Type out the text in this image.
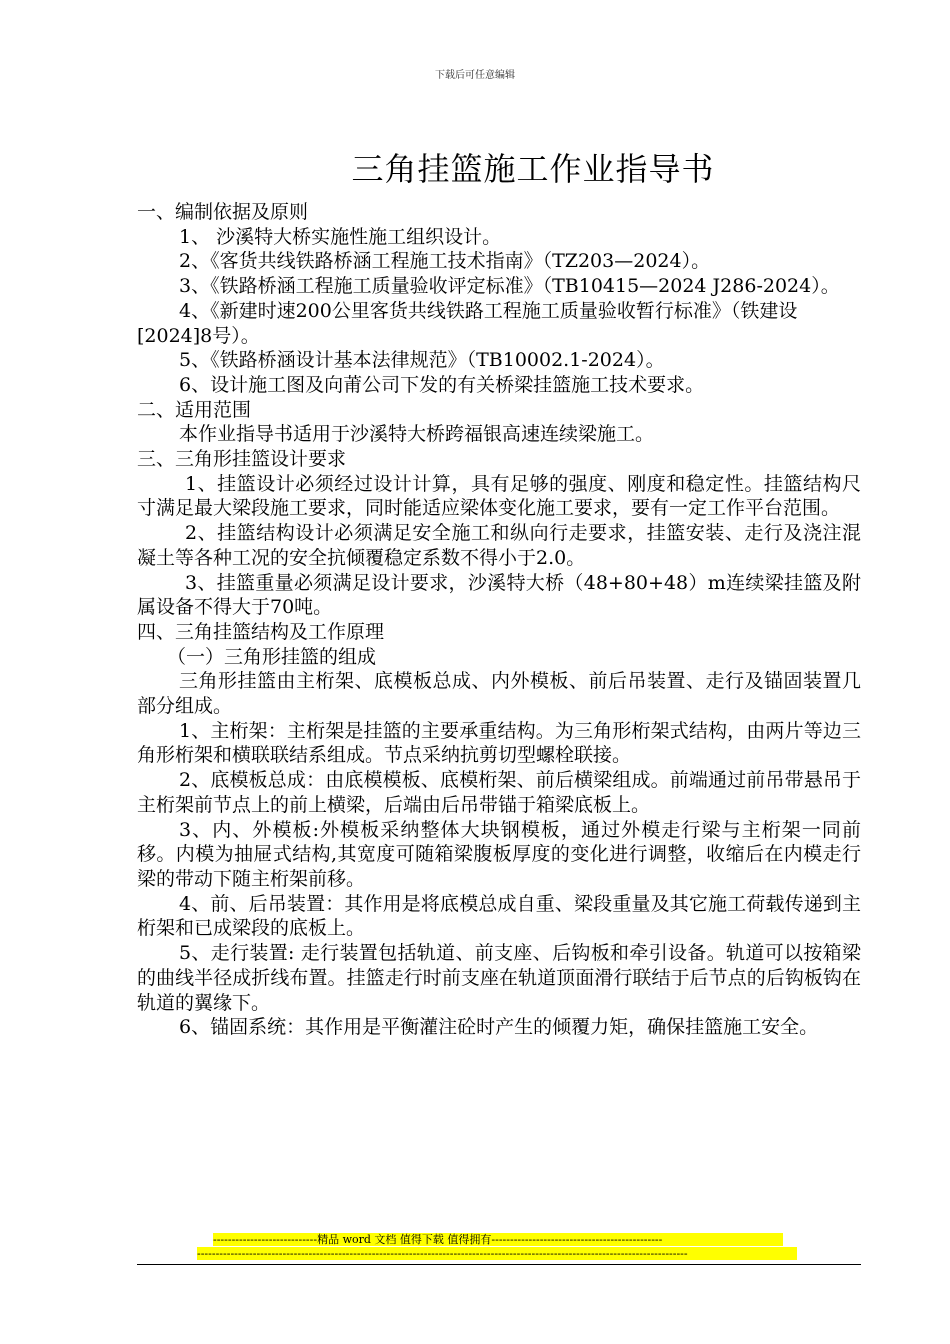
下载后可任意编辑
三角挂篮施工作业指导书

一、编制依据及原则

1、 沙溪特大桥实施性施工组织设计。

2、《客货共线铁路桥涵工程施工技术指南》（TZ203—2024）。

3、《铁路桥涵工程施工质量验收评定标准》（TB10415—2024 J286-2024）。

4、《新建时速200公里客货共线铁路工程施工质量验收暂行标准》（铁建设[2024]8号）。

5、《铁路桥涵设计基本法律规范》（TB10002.1-2024）。

6、设计施工图及向莆公司下发的有关桥梁挂篮施工技术要求。

二、适用范围

本作业指导书适用于沙溪特大桥跨福银高速连续梁施工。

三、三角形挂篮设计要求

1、挂篮设计必须经过设计计算，具有足够的强度、刚度和稳定性。挂篮结构尺寸满足最大梁段施工要求，同时能适应梁体变化施工要求，要有一定工作平台范围。

2、挂篮结构设计必须满足安全施工和纵向行走要求，挂篮安装、走行及浇注混凝土等各种工况的安全抗倾覆稳定系数不得小于2.0。

3、挂篮重量必须满足设计要求，沙溪特大桥（48+80+48）m连续梁挂篮及附属设备不得大于70吨。

四、三角挂篮结构及工作原理

（一）三角形挂篮的组成

三角形挂篮由主桁架、底模板总成、内外模板、前后吊装置、走行及锚固装置几部分组成。

1、主桁架：主桁架是挂篮的主要承重结构。为三角形桁架式结构，由两片等边三角形桁架和横联联结系组成。节点采纳抗剪切型螺栓联接。

2、底模板总成：由底模模板、底模桁架、前后横梁组成。前端通过前吊带悬吊于主桁架前节点上的前上横梁，后端由后吊带锚于箱梁底板上。

3、内、外模板:外模板采纳整体大块钢模板，通过外模走行梁与主桁架一同前移。内模为抽屉式结构,其宽度可随箱梁腹板厚度的变化进行调整，收缩后在内模走行梁的带动下随主桁架前移。

4、前、后吊装置：其作用是将底模总成自重、梁段重量及其它施工荷载传递到主桁架和已成梁段的底板上。

5、走行装置: 走行装置包括轨道、前支座、后钩板和牵引设备。轨道可以按箱梁的曲线半径成折线布置。挂篮走行时前支座在轨道顶面滑行联结于后节点的后钩板钩在轨道的翼缘下。

6、锚固系统：其作用是平衡灌注砼时产生的倾覆力矩，确保挂篮施工安全。

----------------------------精品 word 文档 值得下载 值得拥有----------------------------------------------
------------------------------------------------------------------------------------------------------------------------------------
